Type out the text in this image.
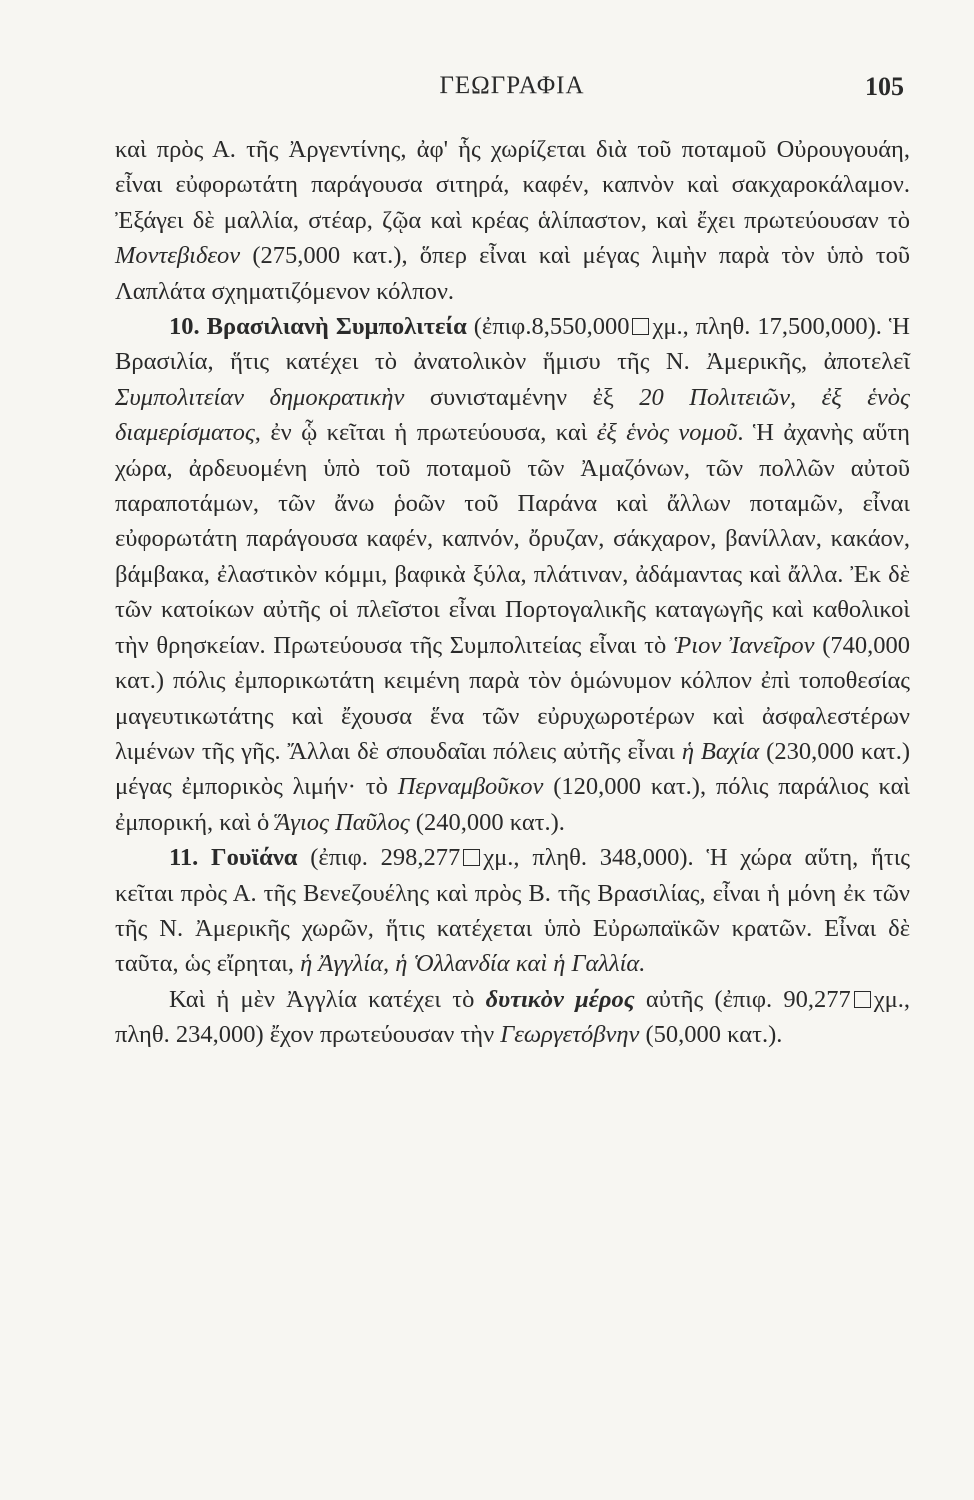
ΓΕΩΓΡΑΦΙΑ	105

καὶ πρὸς Α. τῆς Ἀργεντίνης, ἀφ' ἧς χωρίζεται διὰ τοῦ ποταμοῦ Οὐρουγουάη, εἶναι εὐφορωτάτη παράγουσα σιτηρά, καφέν, καπνὸν καὶ σακχαροκάλαμον. Ἐξάγει δὲ μαλλία, στέαρ, ζῷα καὶ κρέας ἁλίπαστον, καὶ ἔχει πρωτεύουσαν τὸ Μοντεβιδεον (275,000 κατ.), ὅπερ εἶναι καὶ μέγας λιμὴν παρὰ τὸν ὑπὸ τοῦ Λαπλάτα σχηματιζόμενον κόλπον.

10. Βρασιλιανὴ Συμπολιτεία (ἐπιφ.8,550,000 χμ., πληθ. 17,500,000). Ἡ Βρασιλία, ἥτις κατέχει τὸ ἀνατολικὸν ἥμισυ τῆς Ν. Ἀμερικῆς, ἀποτελεῖ Συμπολιτείαν δημοκρατικὴν συνισταμένην ἐξ 20 Πολιτειῶν, ἐξ ἑνὸς διαμερίσματος, ἐν ᾧ κεῖται ἡ πρωτεύουσα, καὶ ἐξ ἑνὸς νομοῦ. Ἡ ἀχανὴς αὕτη χώρα, ἀρδευομένη ὑπὸ τοῦ ποταμοῦ τῶν Ἀμαζόνων, τῶν πολλῶν αὐτοῦ παραποτάμων, τῶν ἄνω ῥοῶν τοῦ Παράνα καὶ ἄλλων ποταμῶν, εἶναι εὐφορωτάτη παράγουσα καφέν, καπνόν, ὄρυζαν, σάκχαρον, βανίλλαν, κακάον, βάμβακα, ἐλαστικὸν κόμμι, βαφικὰ ξύλα, πλάτιναν, ἀδάμαντας καὶ ἄλλα. Ἐκ δὲ τῶν κατοίκων αὐτῆς οἱ πλεῖστοι εἶναι Πορτογαλικῆς καταγωγῆς καὶ καθολικοὶ τὴν θρησκείαν. Πρωτεύουσα τῆς Συμπολιτείας εἶναι τὸ Ῥιον Ἰανεῖρον (740,000 κατ.) πόλις ἐμπορικωτάτη κειμένη παρὰ τὸν ὁμώνυμον κόλπον ἐπὶ τοποθεσίας μαγευτικωτάτης καὶ ἔχουσα ἕνα τῶν εὐρυχωροτέρων καὶ ἀσφαλεστέρων λιμένων τῆς γῆς. Ἄλλαι δὲ σπουδαῖαι πόλεις αὐτῆς εἶναι ἡ Βαχία (230,000 κατ.) μέγας ἐμπορικὸς λιμήν· τὸ Περναμβοῦκον (120,000 κατ.), πόλις παράλιος καὶ ἐμπορική, καὶ ὁ Ἅγιος Παῦλος (240,000 κατ.).

11. Γουϊάνα (ἐπιφ. 298,277 χμ., πληθ. 348,000). Ἡ χώρα αὕτη, ἥτις κεῖται πρὸς Α. τῆς Βενεζουέλης καὶ πρὸς Β. τῆς Βρασιλίας, εἶναι ἡ μόνη ἐκ τῶν τῆς Ν. Ἀμερικῆς χωρῶν, ἥτις κατέχεται ὑπὸ Εὐρωπαϊκῶν κρατῶν. Εἶναι δὲ ταῦτα, ὡς εἴρηται, ἡ Ἀγγλία, ἡ Ὁλλανδία καὶ ἡ Γαλλία.

Καὶ ἡ μὲν Ἀγγλία κατέχει τὸ δυτικὸν μέρος αὐτῆς (ἐπιφ. 90,277 χμ., πληθ. 234,000) ἔχον πρωτεύουσαν τὴν Γεωργετόβνην (50,000 κατ.).
